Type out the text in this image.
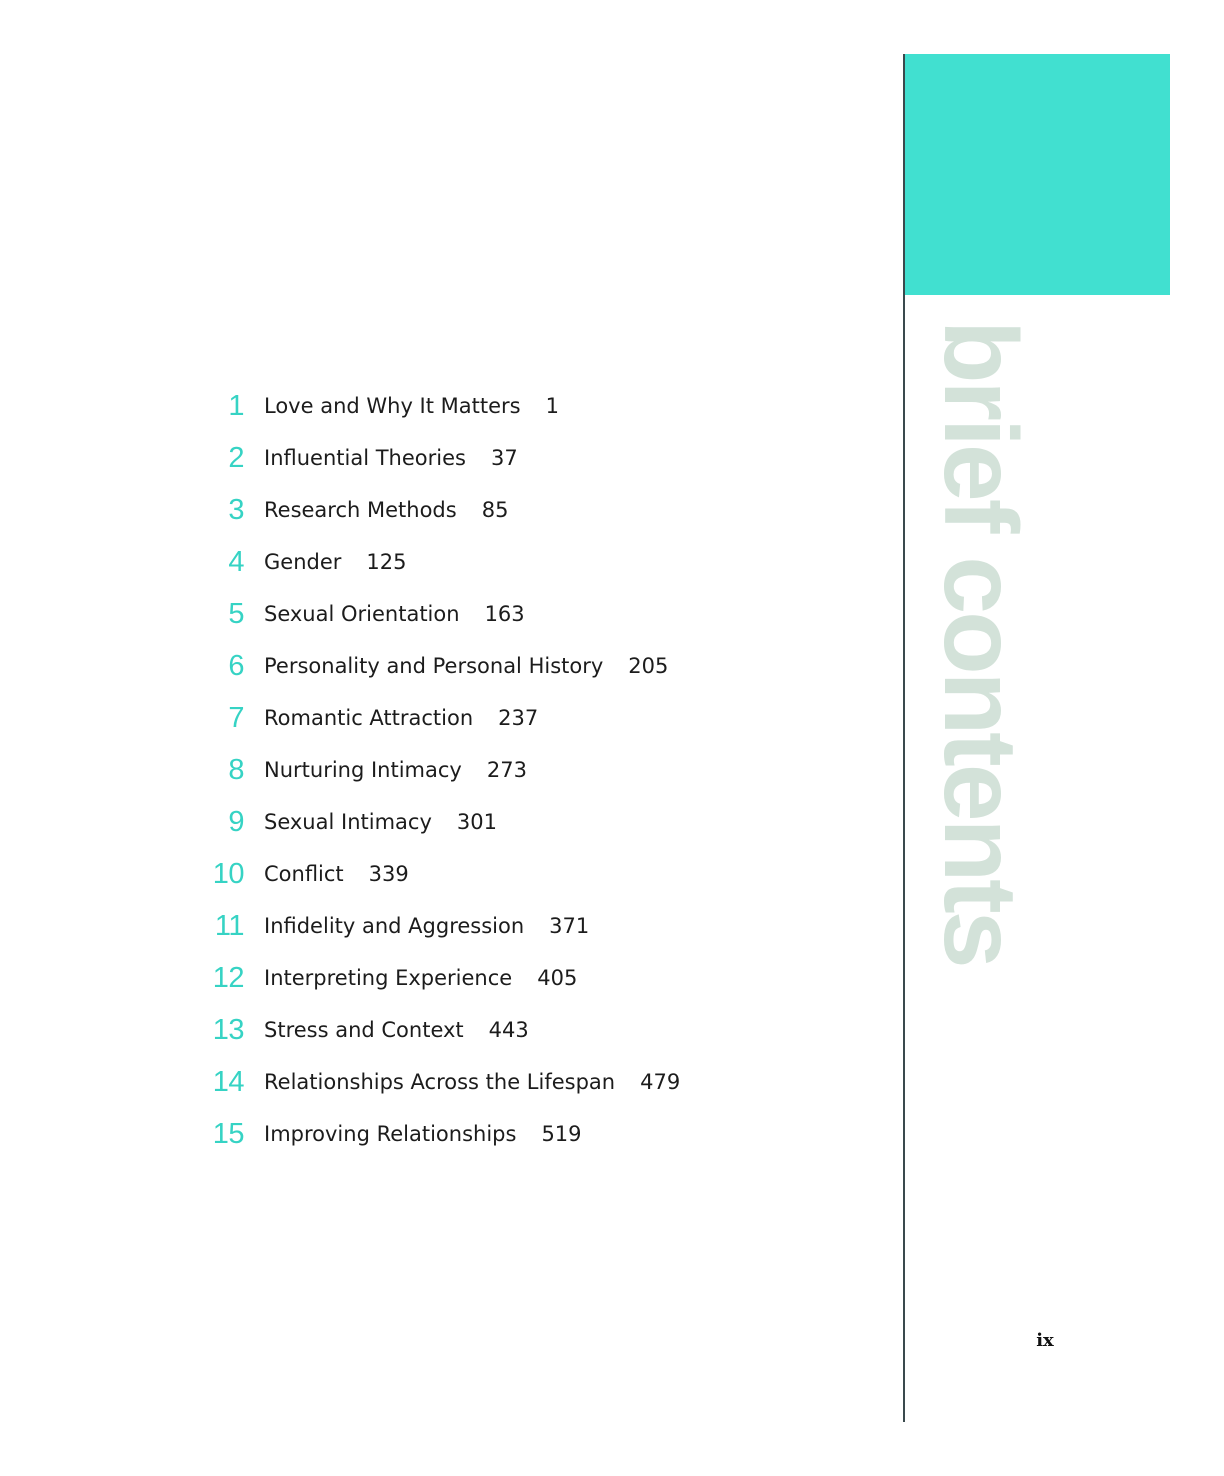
brief contents
1 Love and Why It Matters 1
2 Influential Theories 37
3 Research Methods 85
4 Gender 125
5 Sexual Orientation 163
6 Personality and Personal History 205
7 Romantic Attraction 237
8 Nurturing Intimacy 273
9 Sexual Intimacy 301
10 Conflict 339
11 Infidelity and Aggression 371
12 Interpreting Experience 405
13 Stress and Context 443
14 Relationships Across the Lifespan 479
15 Improving Relationships 519
ix
